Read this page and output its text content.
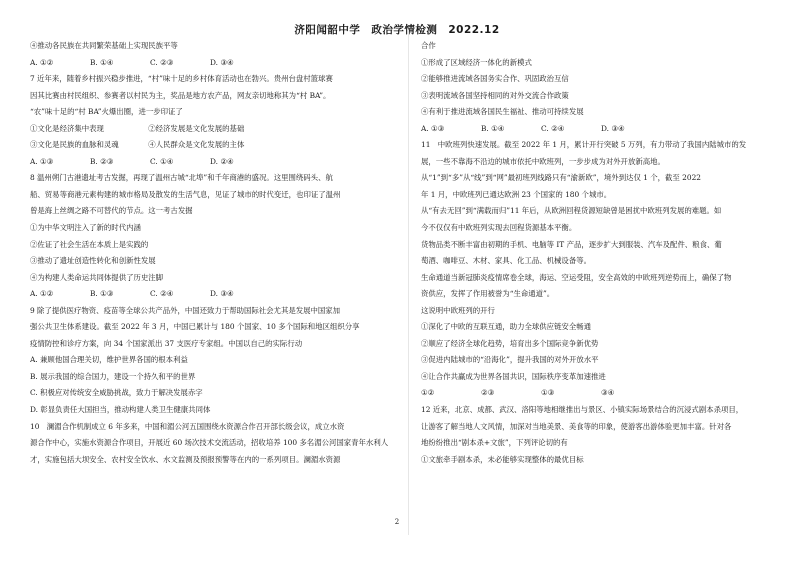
济阳闻韶中学　政治学情检测　2022.12
④推动各民族在共同繁荣基础上实现民族平等
A. ①②	B. ①④	C. ②③	D. ③④
7 近年来，随着乡村振兴稳步推进，“村”味十足的乡村体育活动也在勃兴。贵州台盘村篮球赛
因其比赛由村民组织、参赛者以村民为主，奖品是地方农产品，网友亲切地称其为“村 BA”。
“农”味十足的“村 BA”火爆出圈，进一步印证了
①文化是经济集中表现　　　　　　②经济发展是文化发展的基础
③文化是民族的血脉和灵魂　　　　④人民群众是文化发展的主体
A. ①③	B. ②③	C. ①④	D. ②④
8 温州朔门古港遗址考古发掘，再现了温州古城“北埠”和千年商港的盛况。这里围绕码头、航
船、贸易等商港元素构建的城市格局及散发的生活气息，见证了城市的时代变迁，也印证了温州
曾是海上丝绸之路不可替代的节点。这一考古发掘
①为中华文明注入了新的时代内涵
②佐证了社会生活在本质上是实践的
③推动了遗址创造性转化和创新性发展
④为构建人类命运共同体提供了历史注脚
A. ①②	B. ①③	C. ②④	D. ③④
9 除了提供医疗物资、疫苗等全球公共产品外，中国还致力于帮助国际社会尤其是发展中国家加
强公共卫生体系建设。截至 2022 年 3 月，中国已累计与 180 个国家、10 多个国际和地区组织分享
疫情防控和诊疗方案，向 34 个国家派出 37 支医疗专家组。中国以自己的实际行动
A. 兼顾他国合理关切，维护世界各国的根本利益
B. 展示我国的综合国力，建设一个持久和平的世界
C. 积极应对传统安全威胁挑战，致力于解决发展赤字
D. 彰显负责任大国担当，推动构建人类卫生健康共同体
10　澜湄合作机制成立 6 年多来，中国和湄公河五国围绕水资源合作召开部长级会议，成立水资
源合作中心，实施水资源合作项目，开展近 60 场次技术交流活动，招收培养 100 多名湄公河国家青年水利人
才，实施包括大坝安全、农村安全饮水、水文监测及预报预警等在内的一系列项目。澜湄水资源
合作
①形成了区域经济一体化的新模式
②能够推进流域各国务实合作、巩固政治互信
③表明流域各国坚持相同的对外交流合作政策
④有利于推进流域各国民生福祉、推动可持续发展
A. ①③	B. ①④	C. ②④	D. ③④
11　中欧班列快速发展。截至 2022 年 1 月，累计开行突破 5 万列，有力带动了我国内陆城市的发
展，一些不靠海不沿边的城市依托中欧班列，一步步成为对外开放新高地。
从“1”到“多”从“线”到“网”最初班列线路只有“渝新欧”，境外到达仅 1 个，截至 2022
年 1 月，中欧班列已通达欧洲 23 个国家的 180 个城市。
从“有去无回”到“满载而归”11 年后，从欧洲回程货源短缺曾是困扰中欧班列发展的难题。如
今不仅仅有中欧班列实现去回程货源基本平衡。
货物品类不断丰富由初期的手机、电脑等 IT 产品，逐步扩大到服装、汽车及配件、粮食、葡
萄酒、咖啡豆、木材、家具、化工品、机械设备等。
生命通道当新冠肺炎疫情席卷全球，海运、空运受阻，安全高效的中欧班列逆势而上，确保了物
资供应，发挥了作用被誉为“生命通道”。
这说明中欧班列的开行
①深化了中欧的互联互通，助力全球供应链安全畅通
②顺应了经济全球化趋势，培育出多个国际竞争新优势
③促进内陆城市的“沿海化”，提升我国的对外开放水平
④让合作共赢成为世界各国共识，国际秩序变革加速推进
①②	②③	①③	③④
12 近来，北京、成都、武汉、洛阳等地相继推出与景区、小镇实际场景结合的沉浸式剧本杀项目，
让游客了解当地人文风情，加深对当地美景、美食等的印象，使游客出游体验更加丰富。针对各
地纷纷推出“剧本杀+文旅”，下列评论切的有
①文旅牵手剧本杀，未必能够实现整体的最优目标
2
